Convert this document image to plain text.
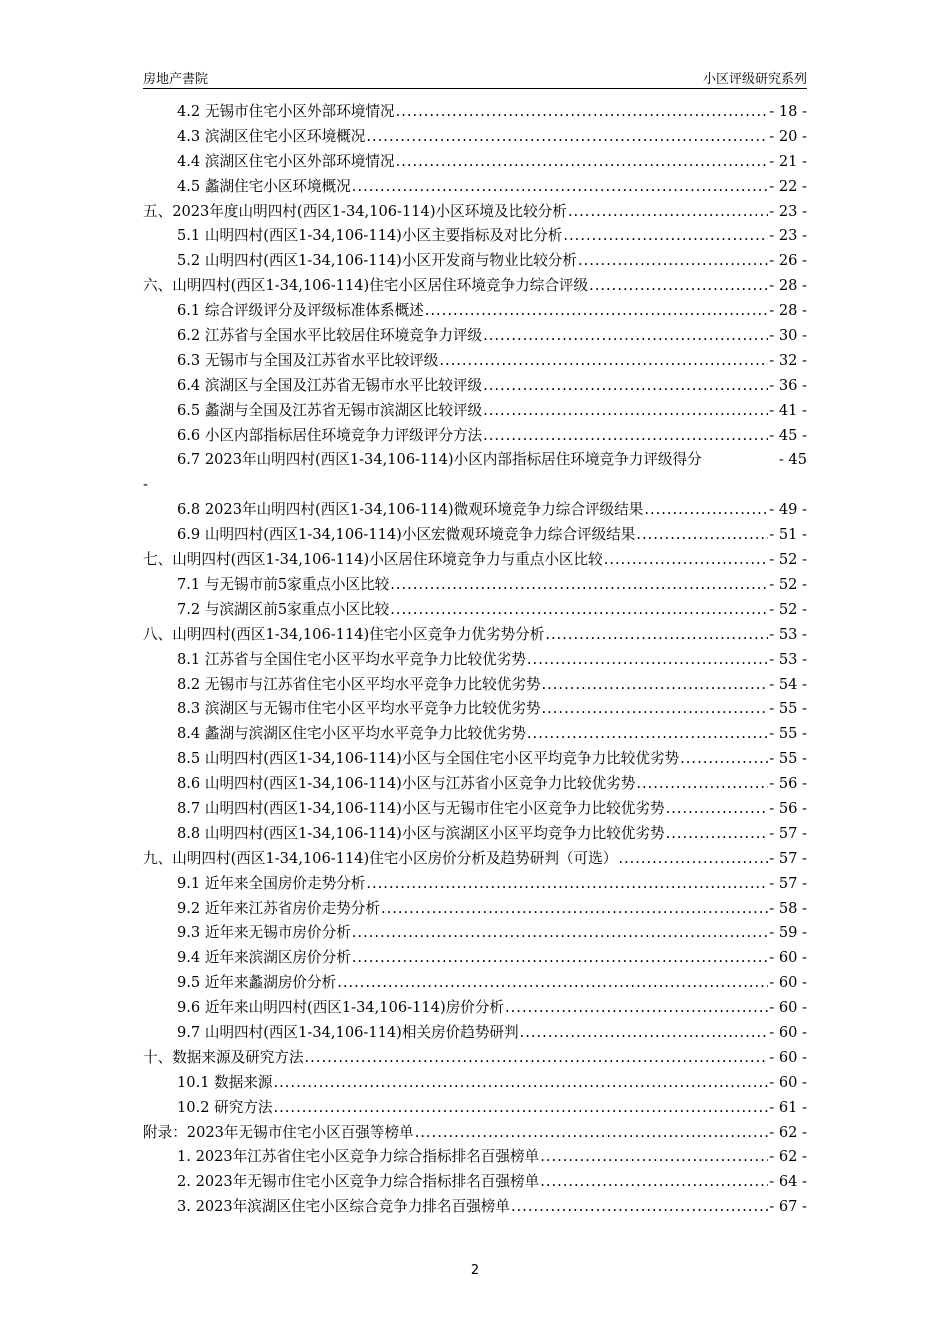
房地产書院	小区评级研究系列
4.2 无锡市住宅小区外部环境情况 .....	- 18 -
4.3 滨湖区住宅小区环境概况 .....	- 20 -
4.4 滨湖区住宅小区外部环境情况 .....	- 21 -
4.5 蠡湖住宅小区环境概况 .....	- 22 -
五、2023年度山明四村(西区1-34,106-114)小区环境及比较分析 .....	- 23 -
5.1 山明四村(西区1-34,106-114)小区主要指标及对比分析 .....	- 23 -
5.2 山明四村(西区1-34,106-114)小区开发商与物业比较分析 .....	- 26 -
六、山明四村(西区1-34,106-114)住宅小区居住环境竞争力综合评级 .....	- 28 -
6.1 综合评级评分及评级标准体系概述 .....	- 28 -
6.2 江苏省与全国水平比较居住环境竞争力评级 .....	- 30 -
6.3 无锡市与全国及江苏省水平比较评级 .....	- 32 -
6.4 滨湖区与全国及江苏省无锡市水平比较评级 .....	- 36 -
6.5 蠡湖与全国及江苏省无锡市滨湖区比较评级 .....	- 41 -
6.6 小区内部指标居住环境竞争力评级评分方法 .....	- 45 -
6.7 2023年山明四村(西区1-34,106-114)小区内部指标居住环境竞争力评级得分	- 45
-
6.8 2023年山明四村(西区1-34,106-114)微观环境竞争力综合评级结果 .....	- 49 -
6.9 山明四村(西区1-34,106-114)小区宏微观环境竞争力综合评级结果 .....	- 51 -
七、山明四村(西区1-34,106-114)小区居住环境竞争力与重点小区比较 .....	- 52 -
7.1 与无锡市前5家重点小区比较 .....	- 52 -
7.2 与滨湖区前5家重点小区比较 .....	- 52 -
八、山明四村(西区1-34,106-114)住宅小区竞争力优劣势分析 .....	- 53 -
8.1 江苏省与全国住宅小区平均水平竞争力比较优劣势 .....	- 53 -
8.2 无锡市与江苏省住宅小区平均水平竞争力比较优劣势 .....	- 54 -
8.3 滨湖区与无锡市住宅小区平均水平竞争力比较优劣势 .....	- 55 -
8.4 蠡湖与滨湖区住宅小区平均水平竞争力比较优劣势 .....	- 55 -
8.5 山明四村(西区1-34,106-114)小区与全国住宅小区平均竞争力比较优劣势 .....	- 55 -
8.6 山明四村(西区1-34,106-114)小区与江苏省小区竞争力比较优劣势 .....	- 56 -
8.7 山明四村(西区1-34,106-114)小区与无锡市住宅小区竞争力比较优劣势 .....	- 56 -
8.8 山明四村(西区1-34,106-114)小区与滨湖区小区平均竞争力比较优劣势 .....	- 57 -
九、山明四村(西区1-34,106-114)住宅小区房价分析及趋势研判（可选） .....	- 57 -
9.1 近年来全国房价走势分析 .....	- 57 -
9.2 近年来江苏省房价走势分析 .....	- 58 -
9.3 近年来无锡市房价分析 .....	- 59 -
9.4 近年来滨湖区房价分析 .....	- 60 -
9.5 近年来蠡湖房价分析 .....	- 60 -
9.6 近年来山明四村(西区1-34,106-114)房价分析 .....	- 60 -
9.7 山明四村(西区1-34,106-114)相关房价趋势研判 .....	- 60 -
十、数据来源及研究方法 .....	- 60 -
10.1 数据来源 .....	- 60 -
10.2 研究方法 .....	- 61 -
附录：2023年无锡市住宅小区百强等榜单 .....	- 62 -
1. 2023年江苏省住宅小区竞争力综合指标排名百强榜单 .....	- 62 -
2. 2023年无锡市住宅小区竞争力综合指标排名百强榜单 .....	- 64 -
3. 2023年滨湖区住宅小区综合竞争力排名百强榜单 .....	- 67 -
2
